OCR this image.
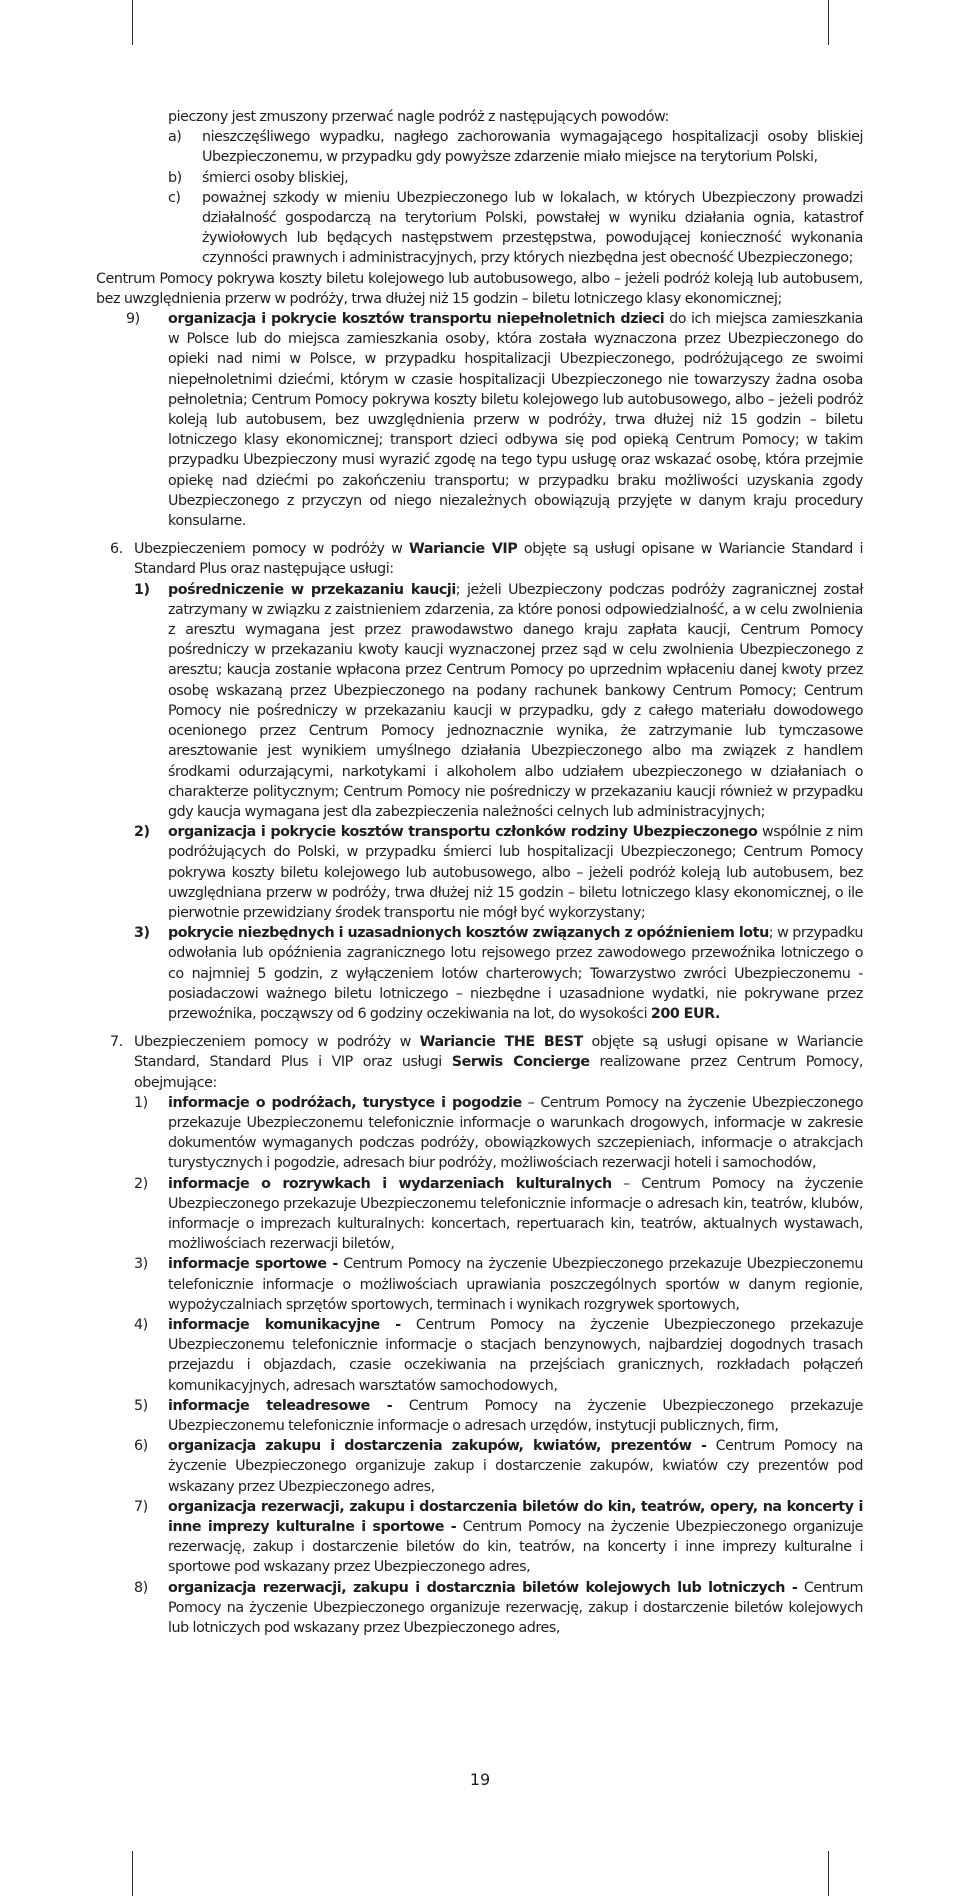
pieczony jest zmuszony przerwać nagle podróż z następujących powodów:
a) nieszczęśliwego wypadku, nagłego zachorowania wymagającego hospitalizacji osoby bliskiej Ubezpieczonemu, w przypadku gdy powyższe zdarzenie miało miejsce na terytorium Polski,
b) śmierci osoby bliskiej,
c) poważnej szkody w mieniu Ubezpieczonego lub w lokalach, w których Ubezpieczony prowadzi działalność gospodarczą na terytorium Polski, powstałej w wyniku działania ognia, katastrof żywiołowych lub będących następstwem przestępstwa, powodującej konieczność wykonania czynności prawnych i administracyjnych, przy których niezbędna jest obecność Ubezpieczonego;
Centrum Pomocy pokrywa koszty biletu kolejowego lub autobusowego, albo – jeżeli podróż koleją lub autobusem, bez uwzględnienia przerw w podróży, trwa dłużej niż 15 godzin – biletu lotniczego klasy ekonomicznej;
9) organizacja i pokrycie kosztów transportu niepełnoletnich dzieci do ich miejsca zamieszkania w Polsce lub do miejsca zamieszkania osoby, która została wyznaczona przez Ubezpieczonego do opieki nad nimi w Polsce, w przypadku hospitalizacji Ubezpieczonego, podróżującego ze swoimi niepełnoletnimi dziećmi, którym w czasie hospitalizacji Ubezpieczonego nie towarzyszy żadna osoba pełnoletnia; Centrum Pomocy pokrywa koszty biletu kolejowego lub autobusowego, albo – jeżeli podróż koleją lub autobusem, bez uwzględnienia przerw w podróży, trwa dłużej niż 15 godzin – biletu lotniczego klasy ekonomicznej; transport dzieci odbywa się pod opieką Centrum Pomocy; w takim przypadku Ubezpieczony musi wyrazić zgodę na tego typu usługę oraz wskazać osobę, która przejmie opiekę nad dziećmi po zakończeniu transportu; w przypadku braku możliwości uzyskania zgody Ubezpieczonego z przyczyn od niego niezależnych obowiązują przyjęte w danym kraju procedury konsularne.
6. Ubezpieczeniem pomocy w podróży w Wariancie VIP objęte są usługi opisane w Wariancie Standard i Standard Plus oraz następujące usługi:
1) pośredniczenie w przekazaniu kaucji; jeżeli Ubezpieczony podczas podróży zagranicznej został zatrzymany w związku z zaistnieniem zdarzenia, za które ponosi odpowiedzialność, a w celu zwolnienia z aresztu wymagana jest przez prawodawstwo danego kraju zapłata kaucji, Centrum Pomocy pośredniczy w przekazaniu kwoty kaucji wyznaczonej przez sąd w celu zwolnienia Ubezpieczonego z aresztu; kaucja zostanie wpłacona przez Centrum Pomocy po uprzednim wpłaceniu danej kwoty przez osobę wskazaną przez Ubezpieczonego na podany rachunek bankowy Centrum Pomocy; Centrum Pomocy nie pośredniczy w przekazaniu kaucji w przypadku, gdy z całego materiału dowodowego ocenionego przez Centrum Pomocy jednoznacznie wynika, że zatrzymanie lub tymczasowe aresztowanie jest wynikiem umyślnego działania Ubezpieczonego albo ma związek z handlem środkami odurzającymi, narkotykami i alkoholem albo udziałem ubezpieczonego w działaniach o charakterze politycznym; Centrum Pomocy nie pośredniczy w przekazaniu kaucji również w przypadku gdy kaucja wymagana jest dla zabezpieczenia należności celnych lub administracyjnych;
2) organizacja i pokrycie kosztów transportu członków rodziny Ubezpieczonego wspólnie z nim podróżujących do Polski, w przypadku śmierci lub hospitalizacji Ubezpieczonego; Centrum Pomocy pokrywa koszty biletu kolejowego lub autobusowego, albo – jeżeli podróż koleją lub autobusem, bez uwzględniana przerw w podróży, trwa dłużej niż 15 godzin – biletu lotniczego klasy ekonomicznej, o ile pierwotnie przewidziany środek transportu nie mógł być wykorzystany;
3) pokrycie niezbędnych i uzasadnionych kosztów związanych z opóźnieniem lotu; w przypadku odwołania lub opóźnienia zagranicznego lotu rejsowego przez zawodowego przewoźnika lotniczego o co najmniej 5 godzin, z wyłączeniem lotów charterowych; Towarzystwo zwróci Ubezpieczonemu - posiadaczowi ważnego biletu lotniczego – niezbędne i uzasadnione wydatki, nie pokrywane przez przewoźnika, począwszy od 6 godziny oczekiwania na lot, do wysokości 200 EUR.
7. Ubezpieczeniem pomocy w podróży w Wariancie THE BEST objęte są usługi opisane w Wariancie Standard, Standard Plus i VIP oraz usługi Serwis Concierge realizowane przez Centrum Pomocy, obejmujące:
1) informacje o podróżach, turystyce i pogodzie – Centrum Pomocy na życzenie Ubezpieczonego przekazuje Ubezpieczonemu telefonicznie informacje o warunkach drogowych, informacje w zakresie dokumentów wymaganych podczas podróży, obowiązkowych szczepieniach, informacje o atrakcjach turystycznych i pogodzie, adresach biur podróży, możliwościach rezerwacji hoteli i samochodów,
2) informacje o rozrywkach i wydarzeniach kulturalnych – Centrum Pomocy na życzenie Ubezpieczonego przekazuje Ubezpieczonemu telefonicznie informacje o adresach kin, teatrów, klubów, informacje o imprezach kulturalnych: koncertach, repertuarach kin, teatrów, aktualnych wystawach, możliwościach rezerwacji biletów,
3) informacje sportowe - Centrum Pomocy na życzenie Ubezpieczonego przekazuje Ubezpieczonemu telefonicznie informacje o możliwościach uprawiania poszczególnych sportów w danym regionie, wypożyczalniach sprzętów sportowych, terminach i wynikach rozgrywek sportowych,
4) informacje komunikacyjne - Centrum Pomocy na życzenie Ubezpieczonego przekazuje Ubezpieczonemu telefonicznie informacje o stacjach benzynowych, najbardziej dogodnych trasach przejazdu i objazdach, czasie oczekiwania na przejściach granicznych, rozkładach połączeń komunikacyjnych, adresach warsztatów samochodowych,
5) informacje teleadresowe - Centrum Pomocy na życzenie Ubezpieczonego przekazuje Ubezpieczonemu telefonicznie informacje o adresach urzędów, instytucji publicznych, firm,
6) organizacja zakupu i dostarczenia zakupów, kwiatów, prezentów - Centrum Pomocy na życzenie Ubezpieczonego organizuje zakup i dostarczenie zakupów, kwiatów czy prezentów pod wskazany przez Ubezpieczonego adres,
7) organizacja rezerwacji, zakupu i dostarczenia biletów do kin, teatrów, opery, na koncerty i inne imprezy kulturalne i sportowe - Centrum Pomocy na życzenie Ubezpieczonego organizuje rezerwację, zakup i dostarczenie biletów do kin, teatrów, na koncerty i inne imprezy kulturalne i sportowe pod wskazany przez Ubezpieczonego adres,
8) organizacja rezerwacji, zakupu i dostarcznia biletów kolejowych lub lotniczych - Centrum Pomocy na życzenie Ubezpieczonego organizuje rezerwację, zakup i dostarczenie biletów kolejowych lub lotniczych pod wskazany przez Ubezpieczonego adres,
19
